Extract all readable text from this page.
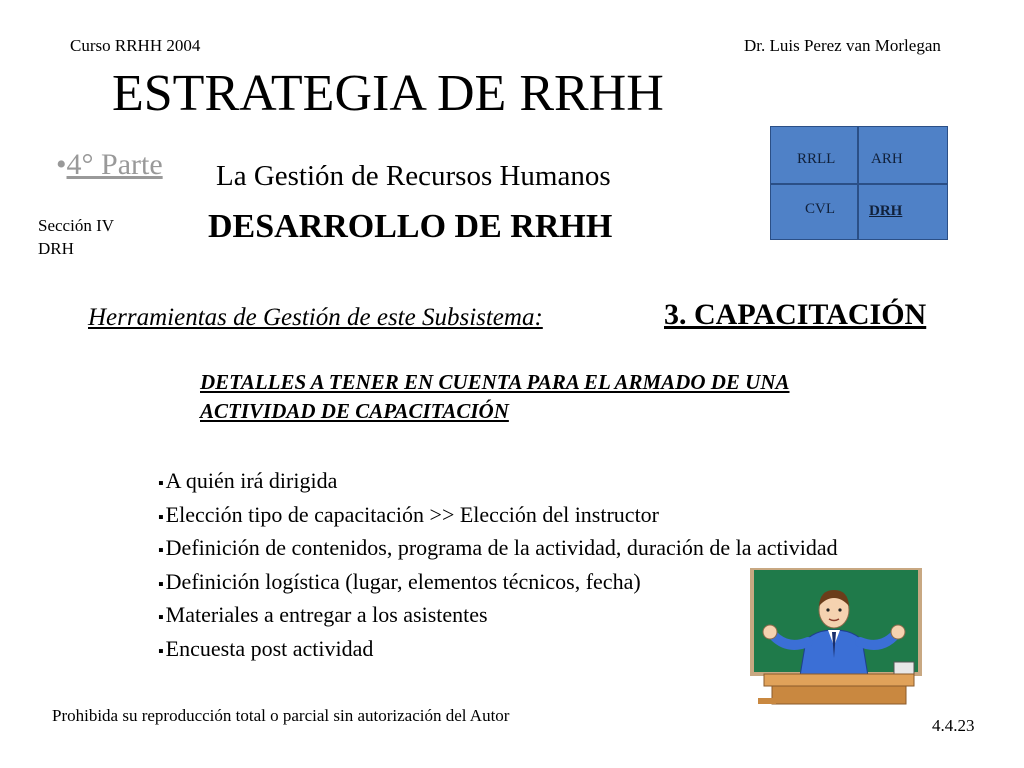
Curso RRHH 2004	Dr. Luis Perez van Morlegan
ESTRATEGIA DE RRHH
•4° Parte La Gestión de Recursos Humanos
Sección IV
DRH
DESARROLLO DE RRHH
RRLL ARH
CVL DRH
Herramientas de Gestión de este Subsistema:	3. CAPACITACIÓN
DETALLES A TENER EN CUENTA PARA EL ARMADO DE UNA ACTIVIDAD DE CAPACITACIÓN
▪ A quién irá dirigida
▪ Elección tipo de capacitación >> Elección del instructor
▪ Definición de contenidos, programa de la actividad, duración de la actividad
▪ Definición logística (lugar, elementos técnicos, fecha)
▪ Materiales a entregar a los asistentes
▪ Encuesta post actividad
Prohibida su reproducción total o parcial sin autorización del Autor
4.4.23
